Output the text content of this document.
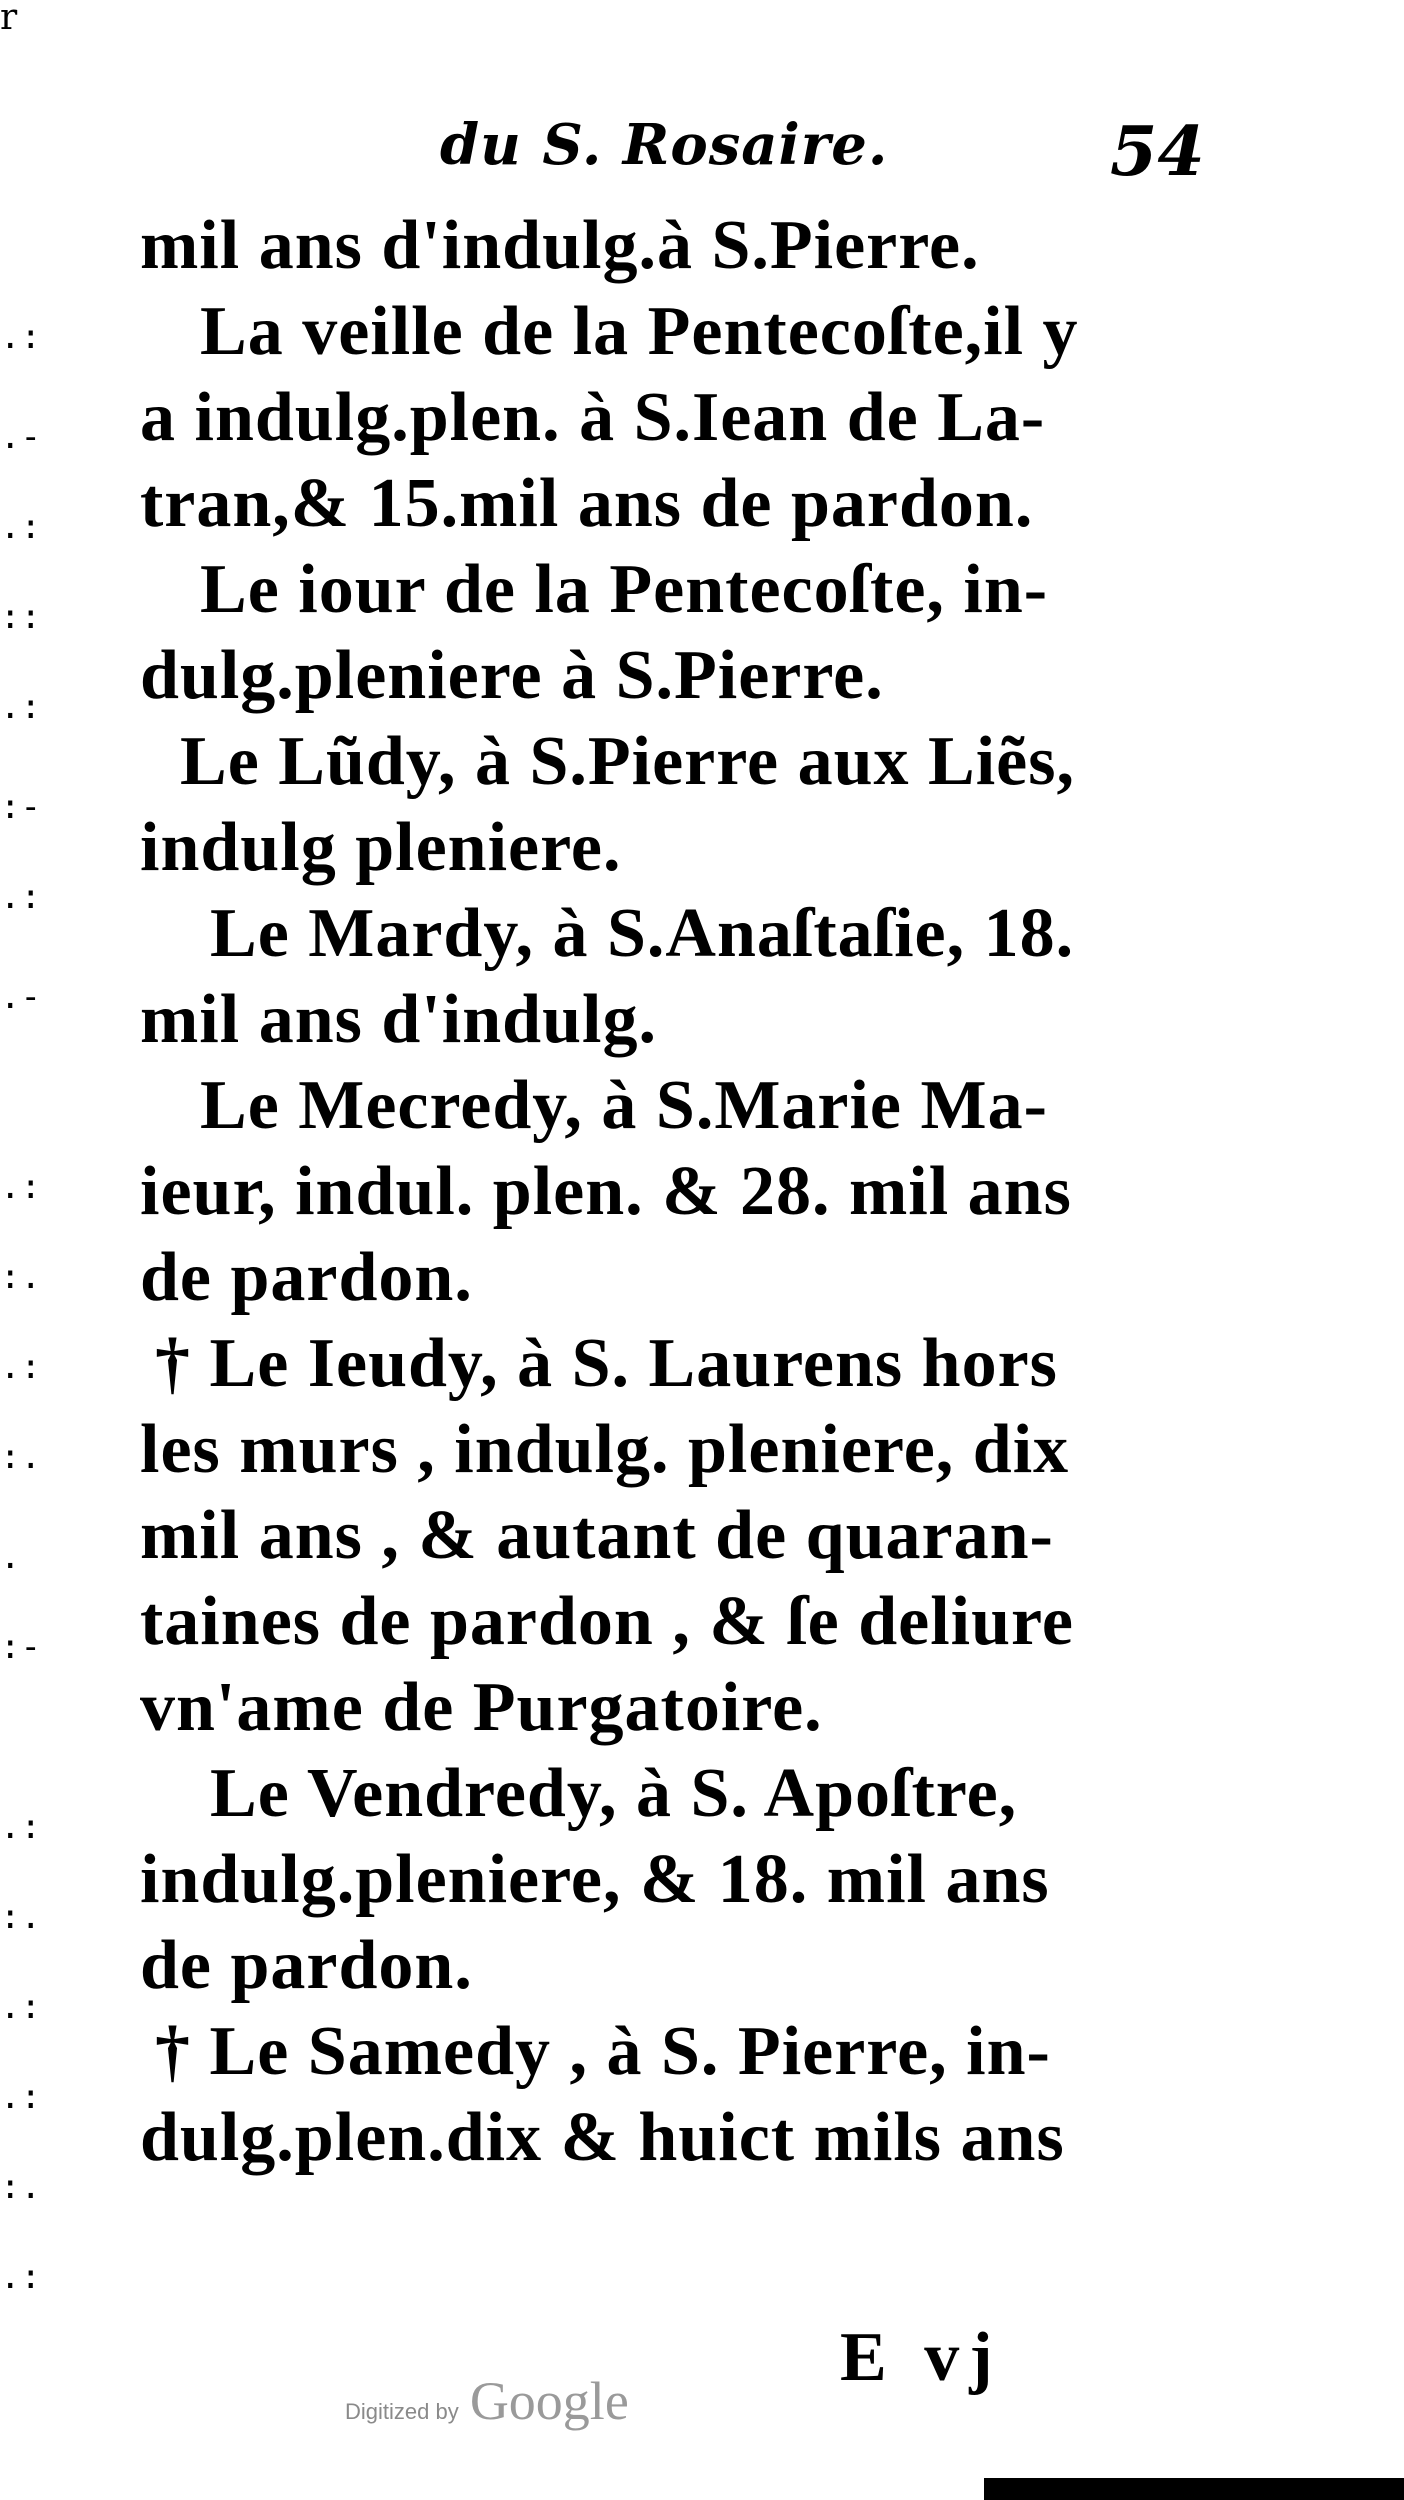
r
du S. Rosaire.	54
.:
.-
.:
::
.:
:-
.:
.-
.:
:.
.:
:.
.
:-
.:
:.
.:
.:
:.
.:
mil ans d'indulg.à S.Pierre.
La veille de la Pentecoſte,il y
a indulg.plen. à S.Iean de La-
tran,& 15.mil ans de pardon.
Le iour de la Pentecoſte, in-
dulg.pleniere à S.Pierre.
Le Lũdy, à S.Pierre aux Liẽs,
indulg pleniere.
Le Mardy, à S.Anaſtaſie, 18.
mil ans d'indulg.
Le Mecredy, à S.Marie Ma-
ieur, indul. plen. & 28. mil ans
de pardon.
† Le Ieudy, à S. Laurens hors
les murs , indulg. pleniere, dix
mil ans , & autant de quaran-
taines de pardon , & ſe deliure
vn'ame de Purgatoire.
Le Vendredy, à S. Apoſtre,
indulg.pleniere, & 18. mil ans
de pardon.
† Le Samedy , à S. Pierre, in-
dulg.plen.dix & huict mils ans
E vj
Digitized by Google
